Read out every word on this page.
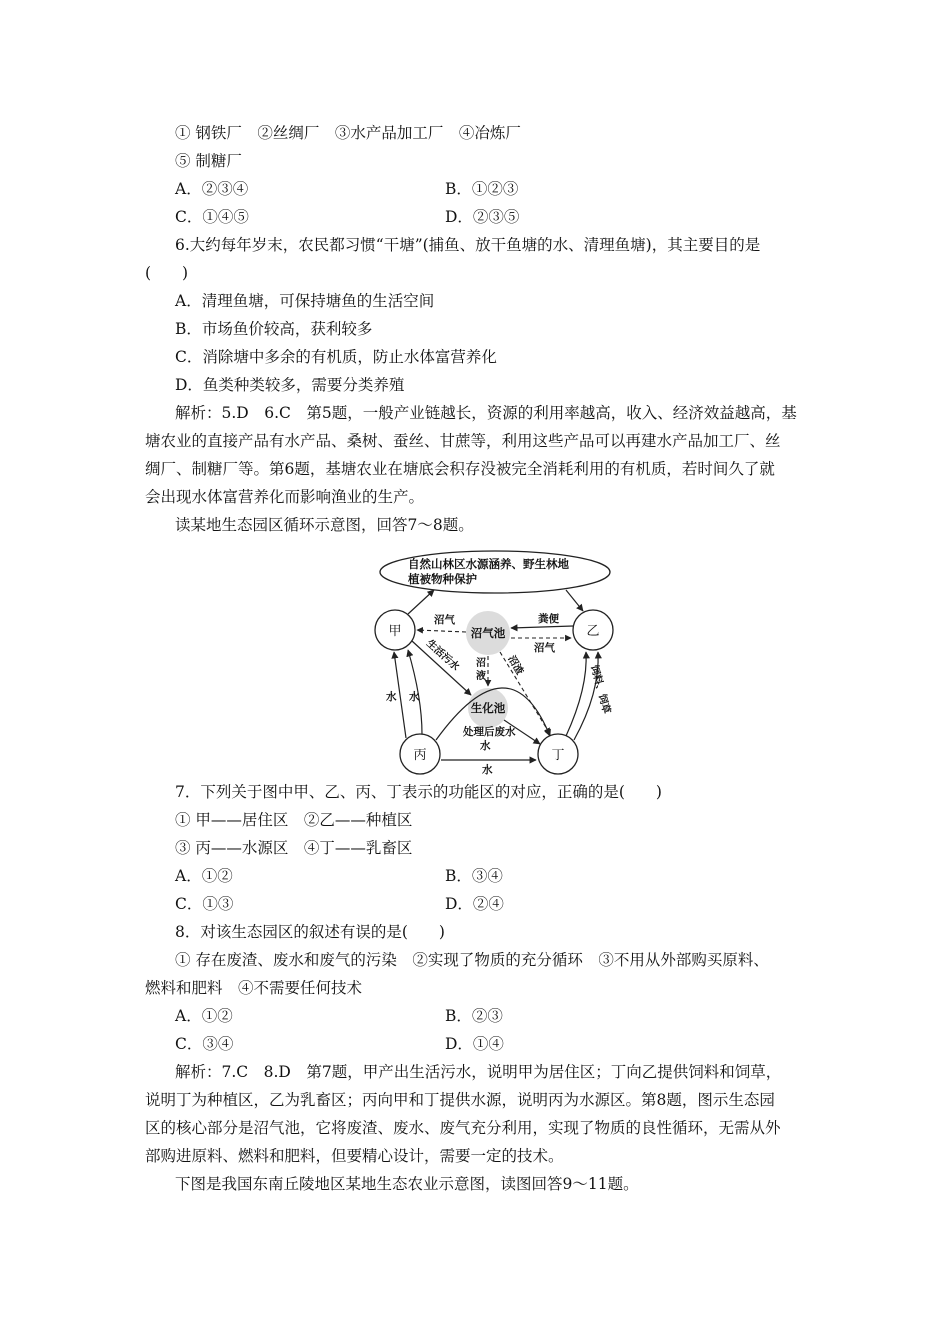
① 钢铁厂　②丝绸厂　③水产品加工厂　④冶炼厂
⑤ 制糖厂
A．②③④	B．①②③
C．①④⑤	D．②③⑤
6.大约每年岁末，农民都习惯“干塘”(捕鱼、放干鱼塘的水、清理鱼塘)，其主要目的是
(　　)
A．清理鱼塘，可保持塘鱼的生活空间
B．市场鱼价较高，获利较多
C．消除塘中多余的有机质，防止水体富营养化
D．鱼类种类较多，需要分类养殖
解析：5.D　6.C　第5题，一般产业链越长，资源的利用率越高，收入、经济效益越高，基
塘农业的直接产品有水产品、桑树、蚕丝、甘蔗等，利用这些产品可以再建水产品加工厂、丝
绸厂、制糖厂等。第6题，基塘农业在塘底会积存没被完全消耗利用的有机质，若时间久了就
会出现水体富营养化而影响渔业的生产。
读某地生态园区循环示意图，回答7～8题。
自然山林区水源涵养、野生林地
植被物种保护
甲	乙
丙	丁
沼气池
生化池
沼气	粪便
沼气
沼
液 沼渣
生活污水
处理后废水
水
水 水
水
饲料、饲草
7．下列关于图中甲、乙、丙、丁表示的功能区的对应，正确的是(　　)
① 甲——居住区　②乙——种植区
③ 丙——水源区　④丁——乳畜区
A．①②	B．③④
C．①③	D．②④
8．对该生态园区的叙述有误的是(　　)
① 存在废渣、废水和废气的污染　②实现了物质的充分循环　③不用从外部购买原料、
燃料和肥料　④不需要任何技术
A．①②	B．②③
C．③④	D．①④
解析：7.C　8.D　第7题，甲产出生活污水，说明甲为居住区；丁向乙提供饲料和饲草，
说明丁为种植区，乙为乳畜区；丙向甲和丁提供水源，说明丙为水源区。第8题，图示生态园
区的核心部分是沼气池，它将废渣、废水、废气充分利用，实现了物质的良性循环，无需从外
部购进原料、燃料和肥料，但要精心设计，需要一定的技术。
下图是我国东南丘陵地区某地生态农业示意图，读图回答9～11题。
